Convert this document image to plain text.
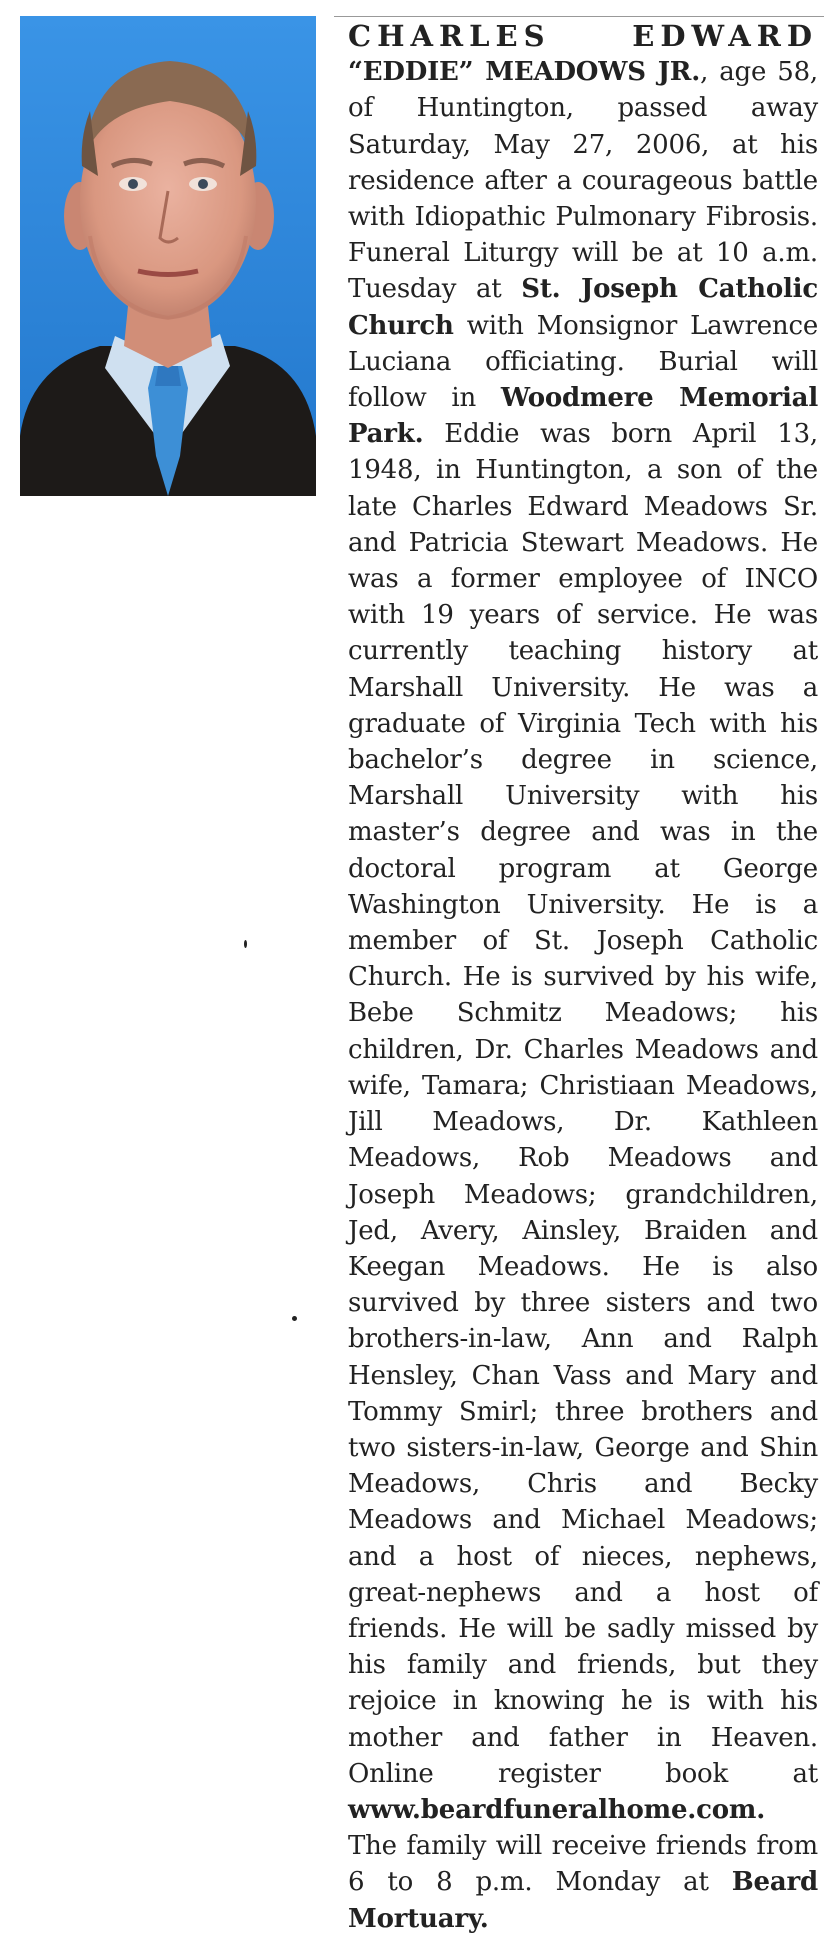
CHARLES EDWARD
“EDDIE” MEADOWS JR., age 58, of Huntington, passed away Saturday, May 27, 2006, at his residence after a courageous battle with Idiopathic Pulmonary Fibrosis. Funeral Liturgy will be at 10 a.m. Tuesday at St. Joseph Catholic Church with Monsignor Lawrence Luciana officiating. Burial will follow in Woodmere Memorial Park. Eddie was born April 13, 1948, in Huntington, a son of the late Charles Edward Meadows Sr. and Patricia Stewart Meadows. He was a former employee of INCO with 19 years of service. He was currently teaching history at Marshall University. He was a graduate of Virginia Tech with his bachelor’s degree in science, Marshall University with his master’s degree and was in the doctoral program at George Washington University. He is a member of St. Joseph Catholic Church. He is survived by his wife, Bebe Schmitz Meadows; his children, Dr. Charles Meadows and wife, Tamara; Christiaan Meadows, Jill Meadows, Dr. Kathleen Meadows, Rob Meadows and Joseph Meadows; grandchildren, Jed, Avery, Ainsley, Braiden and Keegan Meadows. He is also survived by three sisters and two brothers-in-law, Ann and Ralph Hensley, Chan Vass and Mary and Tommy Smirl; three brothers and two sisters-in-law, George and Shin Meadows, Chris and Becky Meadows and Michael Meadows; and a host of nieces, nephews, great-nephews and a host of friends. He will be sadly missed by his family and friends, but they rejoice in knowing he is with his mother and father in Heaven. Online register book at www.beardfuneralhome.com. The family will receive friends from 6 to 8 p.m. Monday at Beard Mortuary.
